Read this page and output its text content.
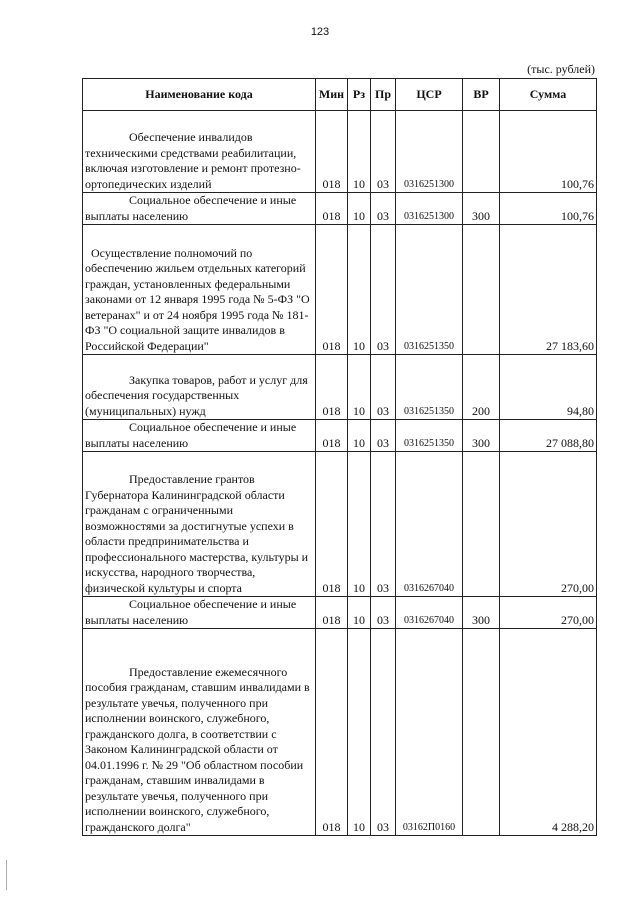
123
(тыс. рублей)
Наименование кода	Мин	Рз	Пр	ЦСР	ВР	Сумма

Обеспечение инвалидов техническими средствами реабилитации, включая изготовление и ремонт протезно-ортопедических изделий	018	10	03	0316251300		100,76

Социальное обеспечение и иные выплаты населению	018	10	03	0316251300	300	100,76

Осуществление полномочий по обеспечению жильем отдельных категорий граждан, установленных федеральными законами от 12 января 1995 года № 5-ФЗ "О ветеранах" и от 24 ноября 1995 года № 181-ФЗ "О социальной защите инвалидов в Российской Федерации"	018	10	03	0316251350		27 183,60

Закупка товаров, работ и услуг для обеспечения государственных (муниципальных) нужд	018	10	03	0316251350	200	94,80

Социальное обеспечение и иные выплаты населению	018	10	03	0316251350	300	27 088,80

Предоставление грантов Губернатора Калининградской области гражданам с ограниченными возможностями за достигнутые успехи в области предпринимательства и профессионального мастерства, культуры и искусства, народного творчества, физической культуры и спорта	018	10	03	0316267040		270,00

Социальное обеспечение и иные выплаты населению	018	10	03	0316267040	300	270,00

Предоставление ежемесячного пособия гражданам, ставшим инвалидами в результате увечья, полученного при исполнении воинского, служебного, гражданского долга, в соответствии с Законом Калининградской области от 04.01.1996 г. № 29 "Об областном пособии гражданам, ставшим инвалидами в результате увечья, полученного при исполнении воинского, служебного, гражданского долга"	018	10	03	03162П0160		4 288,20
